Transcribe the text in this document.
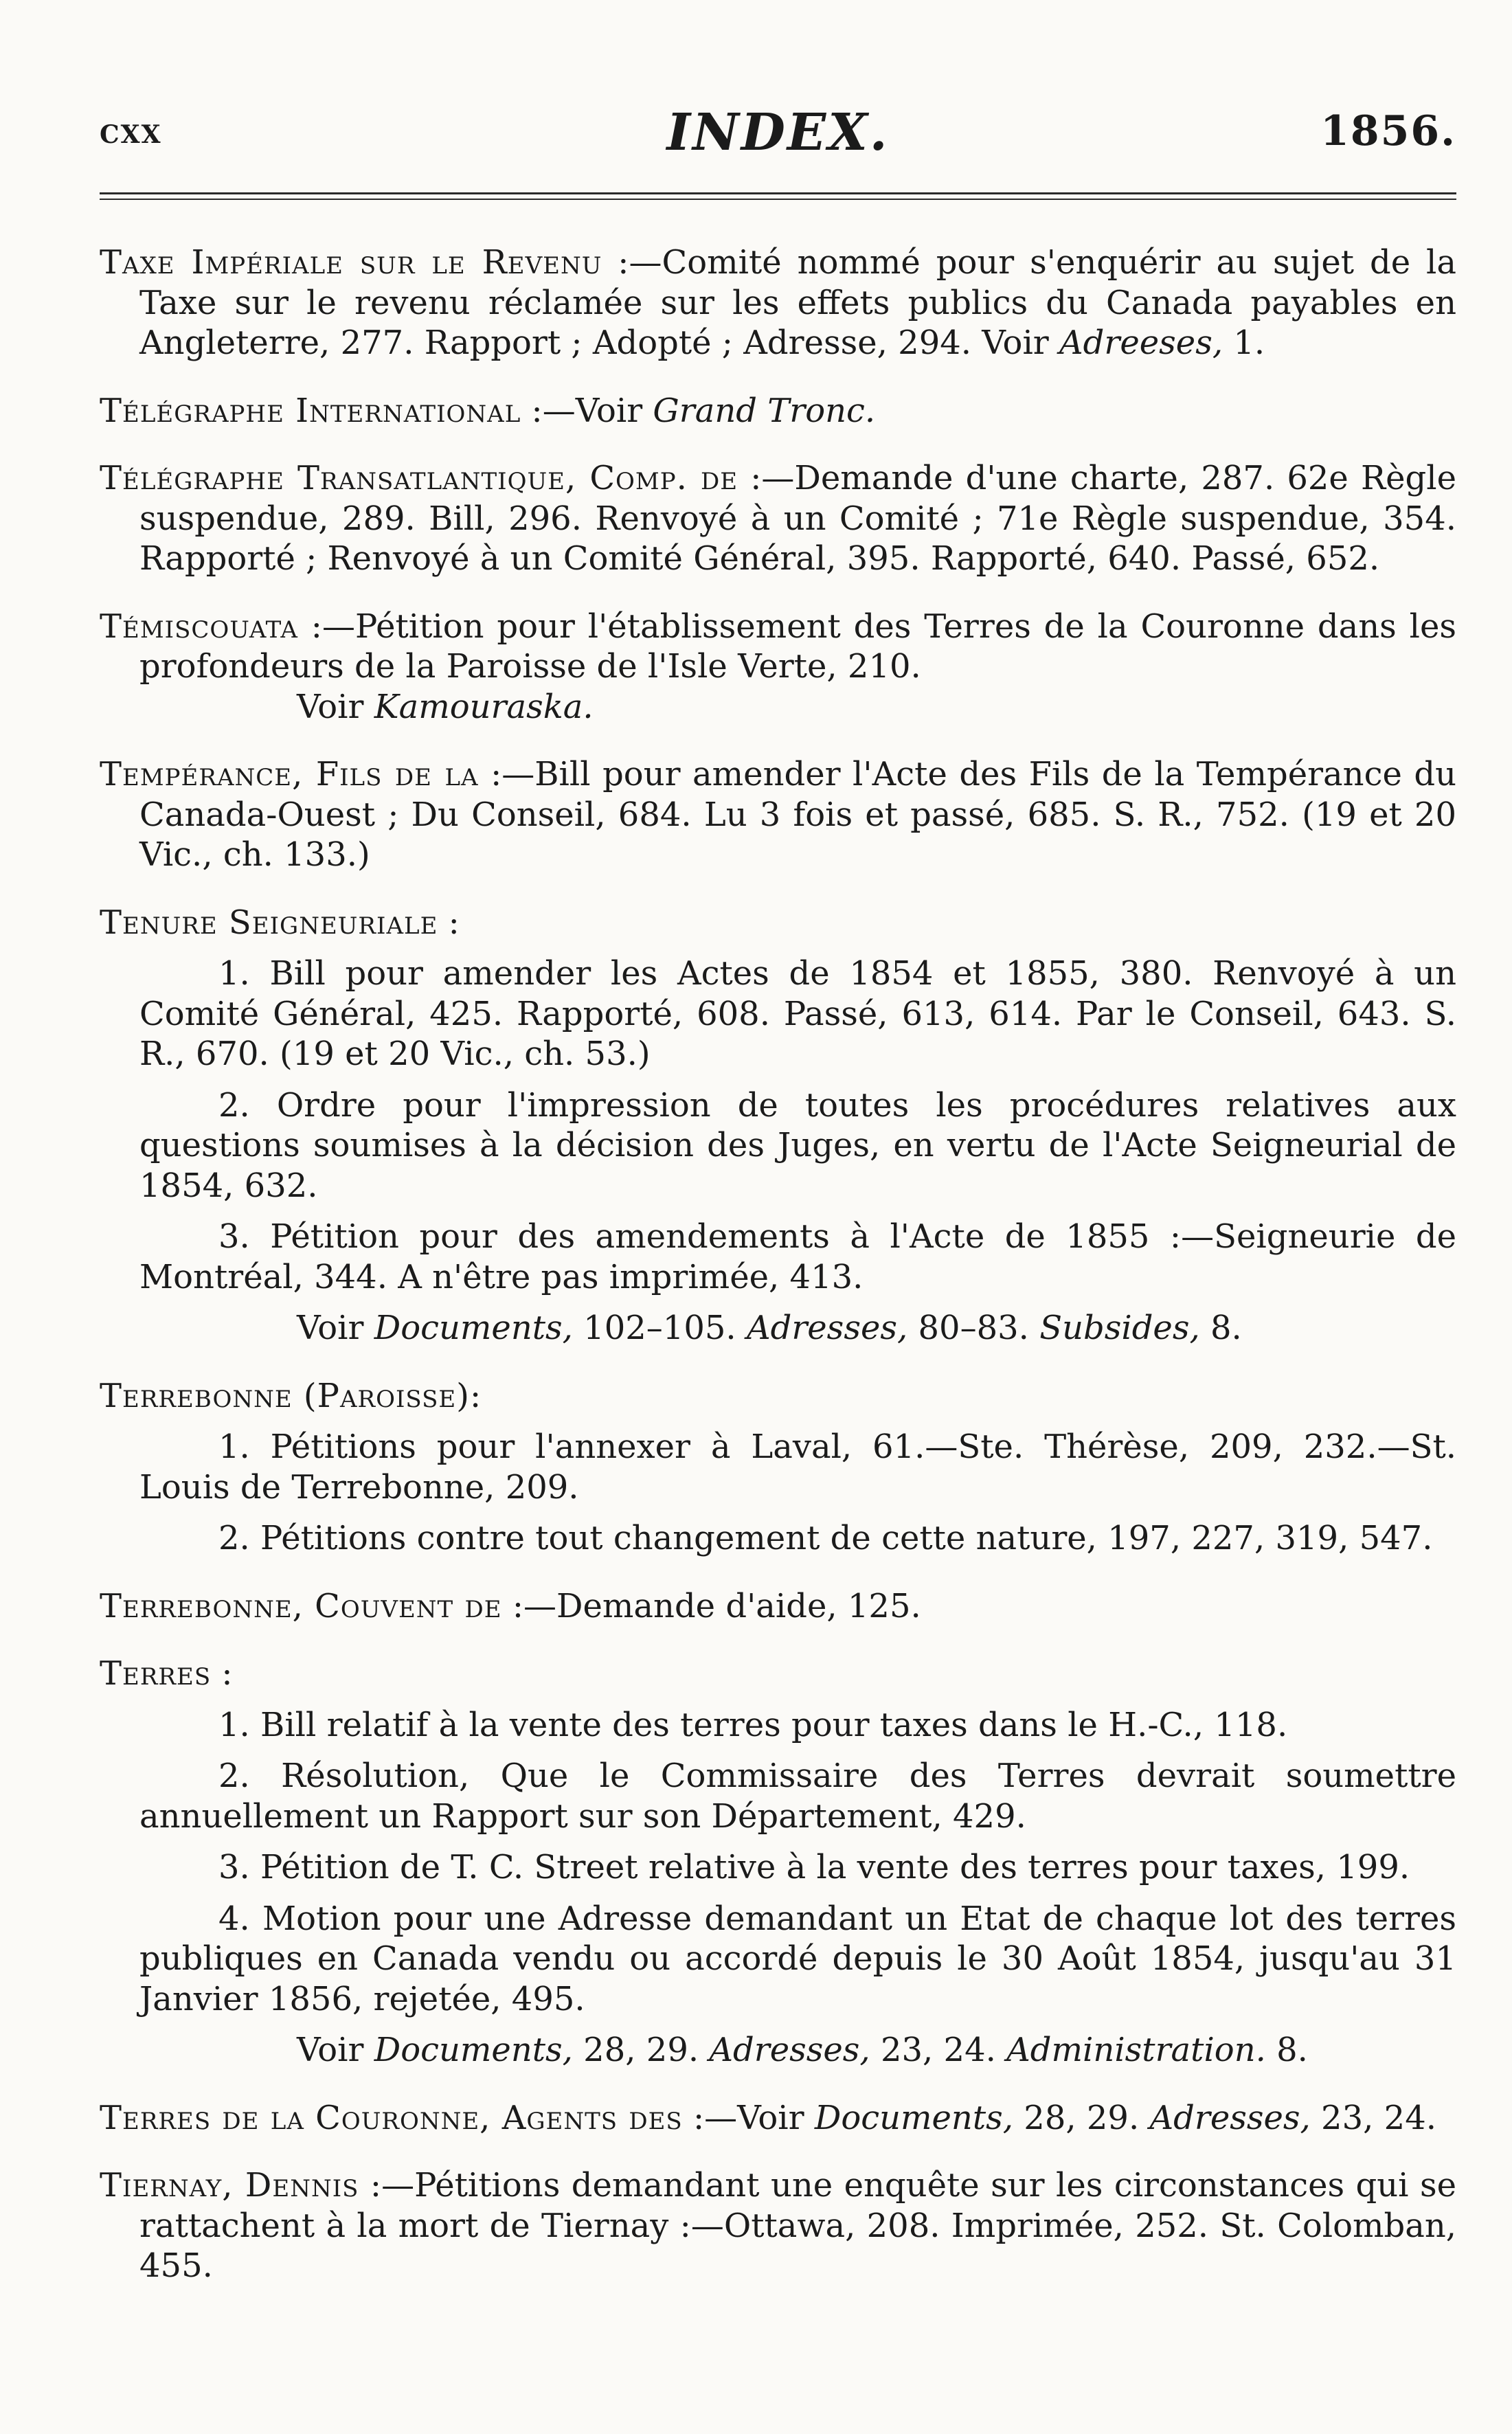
cxx	INDEX.	1856.
Taxe Impériale sur le Revenu :—Comité nommé pour s'enquérir au sujet de la Taxe sur le revenu réclamée sur les effets publics du Canada payables en Angleterre, 277. Rapport ; Adopté ; Adresse, 294. Voir Adreeses, 1.
Télégraphe International :—Voir Grand Tronc.
Télégraphe Transatlantique, Comp. de :—Demande d'une charte, 287. 62e Règle suspendue, 289. Bill, 296. Renvoyé à un Comité ; 71e Règle suspendue, 354. Rapporté ; Renvoyé à un Comité Général, 395. Rapporté, 640. Passé, 652.
Témiscouata :—Pétition pour l'établissement des Terres de la Couronne dans les profondeurs de la Paroisse de l'Isle Verte, 210.
Voir Kamouraska.
Tempérance, Fils de la :—Bill pour amender l'Acte des Fils de la Tempérance du Canada-Ouest ; Du Conseil, 684. Lu 3 fois et passé, 685. S. R., 752. (19 et 20 Vic., ch. 133.)
Tenure Seigneuriale :
1. Bill pour amender les Actes de 1854 et 1855, 380. Renvoyé à un Comité Général, 425. Rapporté, 608. Passé, 613, 614. Par le Conseil, 643. S. R., 670. (19 et 20 Vic., ch. 53.)
2. Ordre pour l'impression de toutes les procédures relatives aux questions soumises à la décision des Juges, en vertu de l'Acte Seigneurial de 1854, 632.
3. Pétition pour des amendements à l'Acte de 1855 :—Seigneurie de Montréal, 344. A n'être pas imprimée, 413.
Voir Documents, 102–105. Adresses, 80–83. Subsides, 8.
Terrebonne (Paroisse):
1. Pétitions pour l'annexer à Laval, 61.—Ste. Thérèse, 209, 232.—St. Louis de Terrebonne, 209.
2. Pétitions contre tout changement de cette nature, 197, 227, 319, 547.
Terrebonne, Couvent de :—Demande d'aide, 125.
Terres :
1. Bill relatif à la vente des terres pour taxes dans le H.-C., 118.
2. Résolution, Que le Commissaire des Terres devrait soumettre annuellement un Rapport sur son Département, 429.
3. Pétition de T. C. Street relative à la vente des terres pour taxes, 199.
4. Motion pour une Adresse demandant un Etat de chaque lot des terres publiques en Canada vendu ou accordé depuis le 30 Août 1854, jusqu'au 31 Janvier 1856, rejetée, 495.
Voir Documents, 28, 29. Adresses, 23, 24. Administration. 8.
Terres de la Couronne, Agents des :—Voir Documents, 28, 29. Adresses, 23, 24.
Tiernay, Dennis :—Pétitions demandant une enquête sur les circonstances qui se rattachent à la mort de Tiernay :—Ottawa, 208. Imprimée, 252. St. Colomban, 455.
